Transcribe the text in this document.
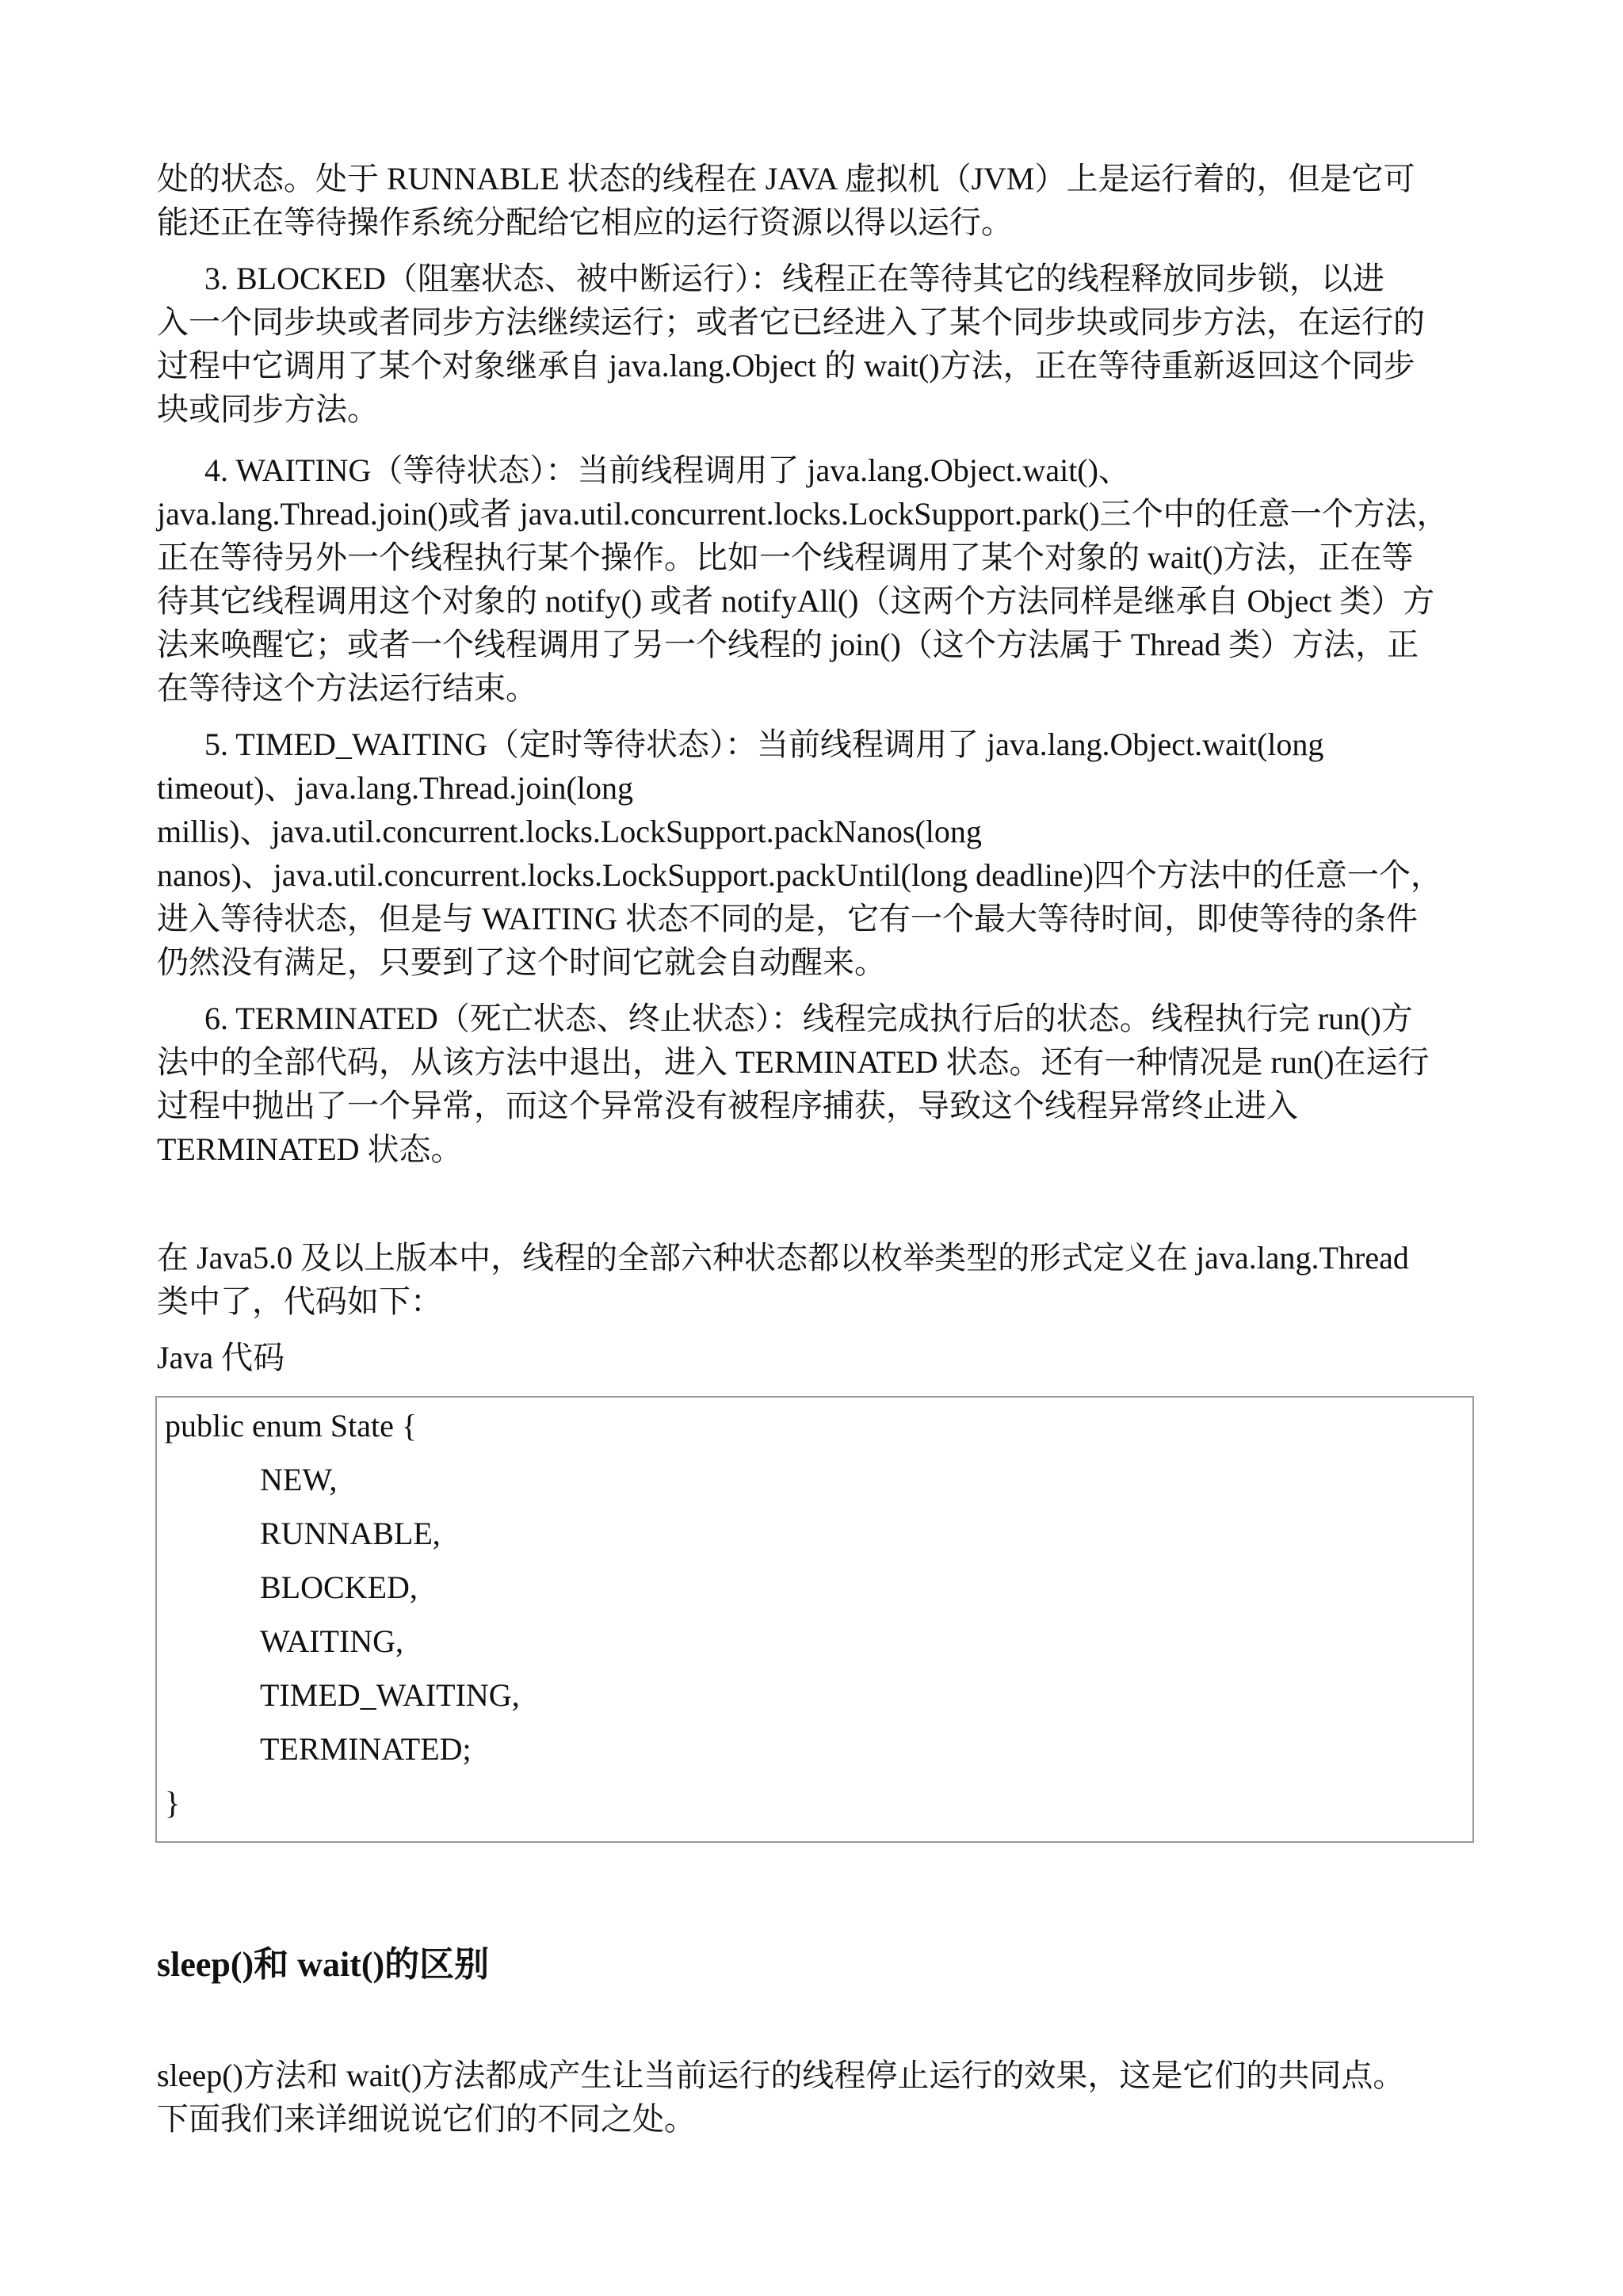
处的状态。处于 RUNNABLE 状态的线程在 JAVA 虚拟机（JVM）上是运行着的，但是它可

能还正在等待操作系统分配给它相应的运行资源以得以运行。

3. BLOCKED（阻塞状态、被中断运行）：线程正在等待其它的线程释放同步锁，以进

入一个同步块或者同步方法继续运行；或者它已经进入了某个同步块或同步方法，在运行的

过程中它调用了某个对象继承自 java.lang.Object 的 wait()方法，正在等待重新返回这个同步

块或同步方法。

4. WAITING（等待状态）：当前线程调用了 java.lang.Object.wait()、

java.lang.Thread.join()或者 java.util.concurrent.locks.LockSupport.park()三个中的任意一个方法，

正在等待另外一个线程执行某个操作。比如一个线程调用了某个对象的 wait()方法，正在等

待其它线程调用这个对象的 notify() 或者 notifyAll()（这两个方法同样是继承自 Object 类）方

法来唤醒它；或者一个线程调用了另一个线程的 join()（这个方法属于 Thread 类）方法，正

在等待这个方法运行结束。

5. TIMED_WAITING（定时等待状态）：当前线程调用了 java.lang.Object.wait(long

timeout)、java.lang.Thread.join(long

millis)、java.util.concurrent.locks.LockSupport.packNanos(long

nanos)、java.util.concurrent.locks.LockSupport.packUntil(long deadline)四个方法中的任意一个，

进入等待状态，但是与 WAITING 状态不同的是，它有一个最大等待时间，即使等待的条件

仍然没有满足，只要到了这个时间它就会自动醒来。

6. TERMINATED（死亡状态、终止状态）：线程完成执行后的状态。线程执行完 run()方

法中的全部代码，从该方法中退出，进入 TERMINATED 状态。还有一种情况是 run()在运行

过程中抛出了一个异常，而这个异常没有被程序捕获，导致这个线程异常终止进入

TERMINATED 状态。

在 Java5.0 及以上版本中，线程的全部六种状态都以枚举类型的形式定义在 java.lang.Thread

类中了，代码如下：

Java 代码

public enum State {
NEW,
RUNNABLE,
BLOCKED,
WAITING,
TIMED_WAITING,
TERMINATED;
}
sleep()和 wait()的区别

sleep()方法和 wait()方法都成产生让当前运行的线程停止运行的效果，这是它们的共同点。

下面我们来详细说说它们的不同之处。
